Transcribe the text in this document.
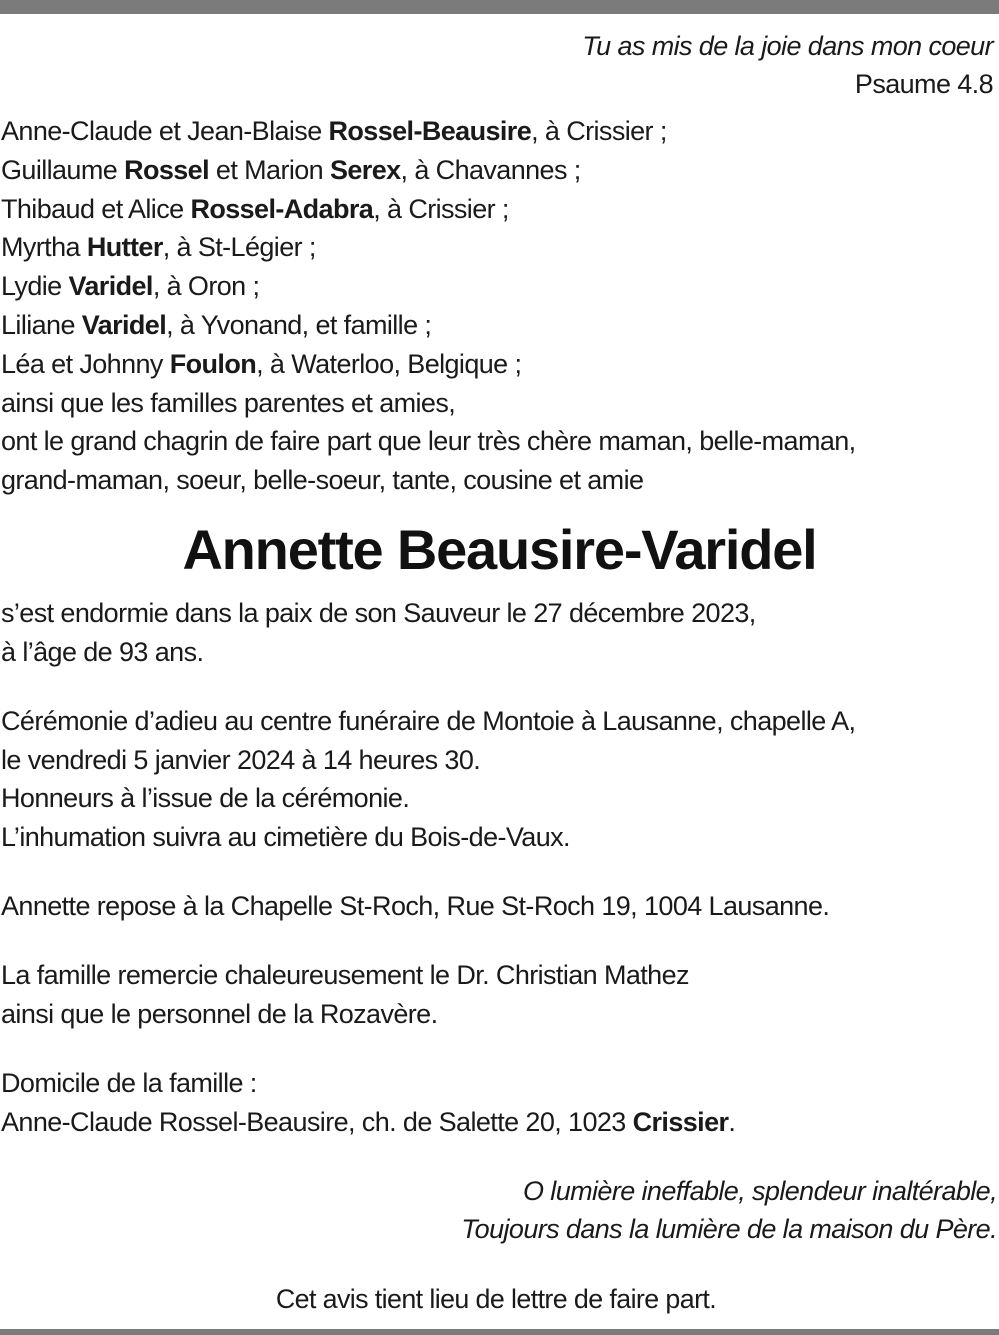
Tu as mis de la joie dans mon coeur
Psaume 4.8
Anne-Claude et Jean-Blaise Rossel-Beausire, à Crissier ;
Guillaume Rossel et Marion Serex, à Chavannes ;
Thibaud et Alice Rossel-Adabra, à Crissier ;
Myrtha Hutter, à St-Légier ;
Lydie Varidel, à Oron ;
Liliane Varidel, à Yvonand, et famille ;
Léa et Johnny Foulon, à Waterloo, Belgique ;
ainsi que les familles parentes et amies,
ont le grand chagrin de faire part que leur très chère maman, belle-maman,
grand-maman, soeur, belle-soeur, tante, cousine et amie
Annette Beausire-Varidel
s’est endormie dans la paix de son Sauveur le 27 décembre 2023,
à l’âge de 93 ans.
Cérémonie d’adieu au centre funéraire de Montoie à Lausanne, chapelle A,
le vendredi 5 janvier 2024 à 14 heures 30.
Honneurs à l’issue de la cérémonie.
L’inhumation suivra au cimetière du Bois-de-Vaux.
Annette repose à la Chapelle St-Roch, Rue St-Roch 19, 1004 Lausanne.
La famille remercie chaleureusement le Dr. Christian Mathez
ainsi que le personnel de la Rozavère.
Domicile de la famille :
Anne-Claude Rossel-Beausire, ch. de Salette 20, 1023 Crissier.
O lumière ineffable, splendeur inaltérable,
Toujours dans la lumière de la maison du Père.
Cet avis tient lieu de lettre de faire part.
